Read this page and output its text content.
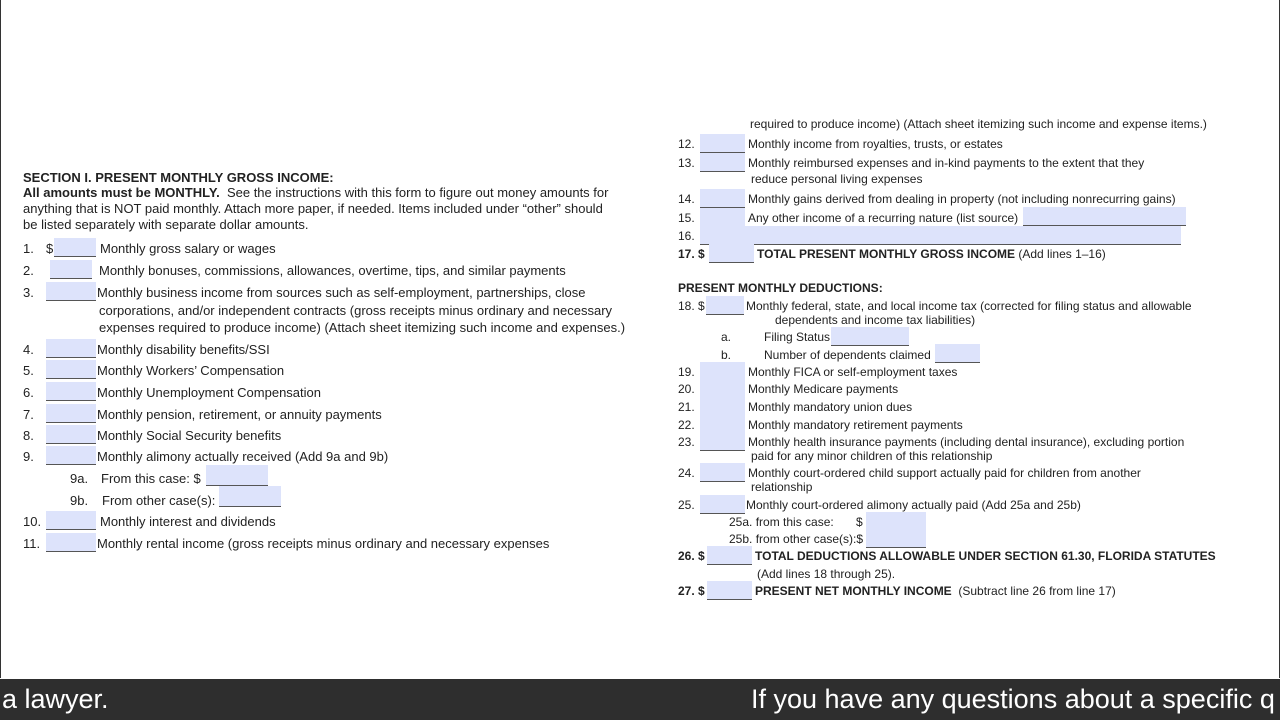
SECTION I. PRESENT MONTHLY GROSS INCOME:
All amounts must be MONTHLY. See the instructions with this form to figure out money amounts for
anything that is NOT paid monthly. Attach more paper, if needed. Items included under “other” should
be listed separately with separate dollar amounts.
1. $	Monthly gross salary or wages
2.	Monthly bonuses, commissions, allowances, overtime, tips, and similar payments
3.	Monthly business income from sources such as self-employment, partnerships, close
corporations, and/or independent contracts (gross receipts minus ordinary and necessary
expenses required to produce income) (Attach sheet itemizing such income and expenses.)
4.	Monthly disability benefits/SSI
5.	Monthly Workers’ Compensation
6.	Monthly Unemployment Compensation
7.	Monthly pension, retirement, or annuity payments
8.	Monthly Social Security benefits
9.	Monthly alimony actually received (Add 9a and 9b)
9a. From this case: $
9b. From other case(s):
10.	Monthly interest and dividends
11.	Monthly rental income (gross receipts minus ordinary and necessary expenses
required to produce income) (Attach sheet itemizing such income and expense items.)
12.	Monthly income from royalties, trusts, or estates
13.	Monthly reimbursed expenses and in-kind payments to the extent that they
reduce personal living expenses
14.	Monthly gains derived from dealing in property (not including nonrecurring gains)
15.	Any other income of a recurring nature (list source)
16.
17. $	TOTAL PRESENT MONTHLY GROSS INCOME (Add lines 1–16)
PRESENT MONTHLY DEDUCTIONS:
18. $	Monthly federal, state, and local income tax (corrected for filing status and allowable
dependents and income tax liabilities)
a.	Filing Status
b.	Number of dependents claimed
19.	Monthly FICA or self-employment taxes
20.	Monthly Medicare payments
21.	Monthly mandatory union dues
22.	Monthly mandatory retirement payments
23.	Monthly health insurance payments (including dental insurance), excluding portion
paid for any minor children of this relationship
24.	Monthly court-ordered child support actually paid for children from another
relationship
25.	Monthly court-ordered alimony actually paid (Add 25a and 25b)
25a. from this case: $
25b. from other case(s):$
26. $	TOTAL DEDUCTIONS ALLOWABLE UNDER SECTION 61.30, FLORIDA STATUTES
(Add lines 18 through 25).
27. $	PRESENT NET MONTHLY INCOME (Subtract line 26 from line 17)
a lawyer.	If you have any questions about a specific q
